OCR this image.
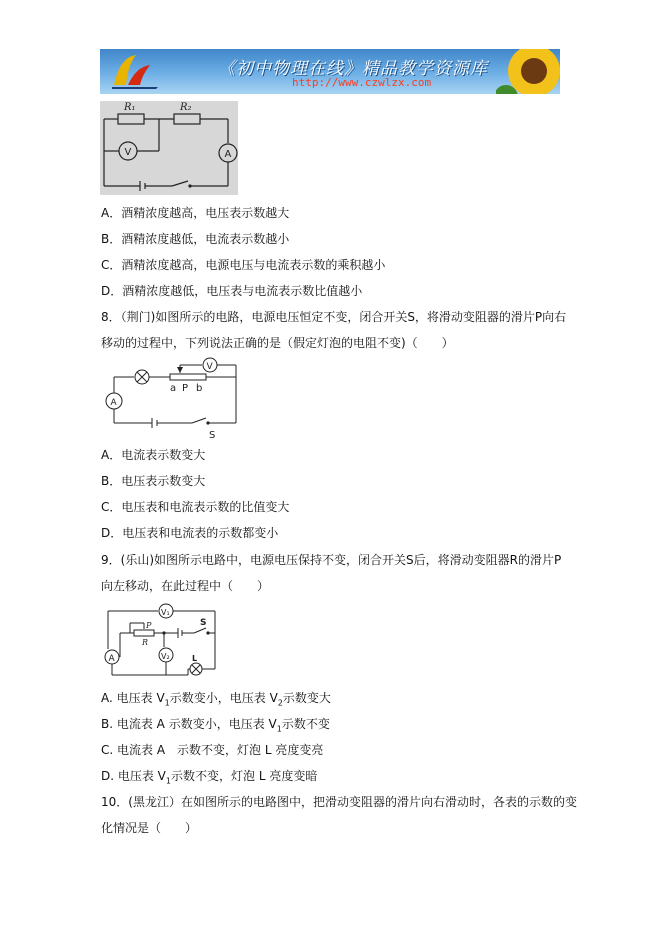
《初中物理在线》精品教学资源库
http://www.czwlzx.com
R₁	R₂
V	A
A．酒精浓度越高，电压表示数越大
B．酒精浓度越低，电流表示数越小
C．酒精浓度越高，电源电压与电流表示数的乘积越小
D．酒精浓度越低，电压表与电流表示数比值越小
8．（荆门)如图所示的电路，电源电压恒定不变，闭合开关S，将滑动变阻器的滑片P向右
移动的过程中，下列说法正确的是（假定灯泡的电阻不变)（　　）
V
A
a P b
S
A．电流表示数变大
B．电压表示数变大
C．电压表和电流表示数的比值变大
D．电压表和电流表的示数都变小
9．(乐山)如图所示电路中，电源电压保持不变，闭合开关S后，将滑动变阻器R的滑片P
向左移动，在此过程中（　　）
V₁
V₂
A
P
R
S
L
A. 电压表 $V_1$示数变小，电压表 $V_2$示数变大
B. 电流表 A 示数变小，电压表 $V_1$示数不变
C. 电流表 A　示数不变，灯泡 L 亮度变亮
D. 电压表 $V_1$示数不变，灯泡 L 亮度变暗
10．(黑龙江）在如图所示的电路图中，把滑动变阻器的滑片向右滑动时，各表的示数的变
化情况是（　　）
